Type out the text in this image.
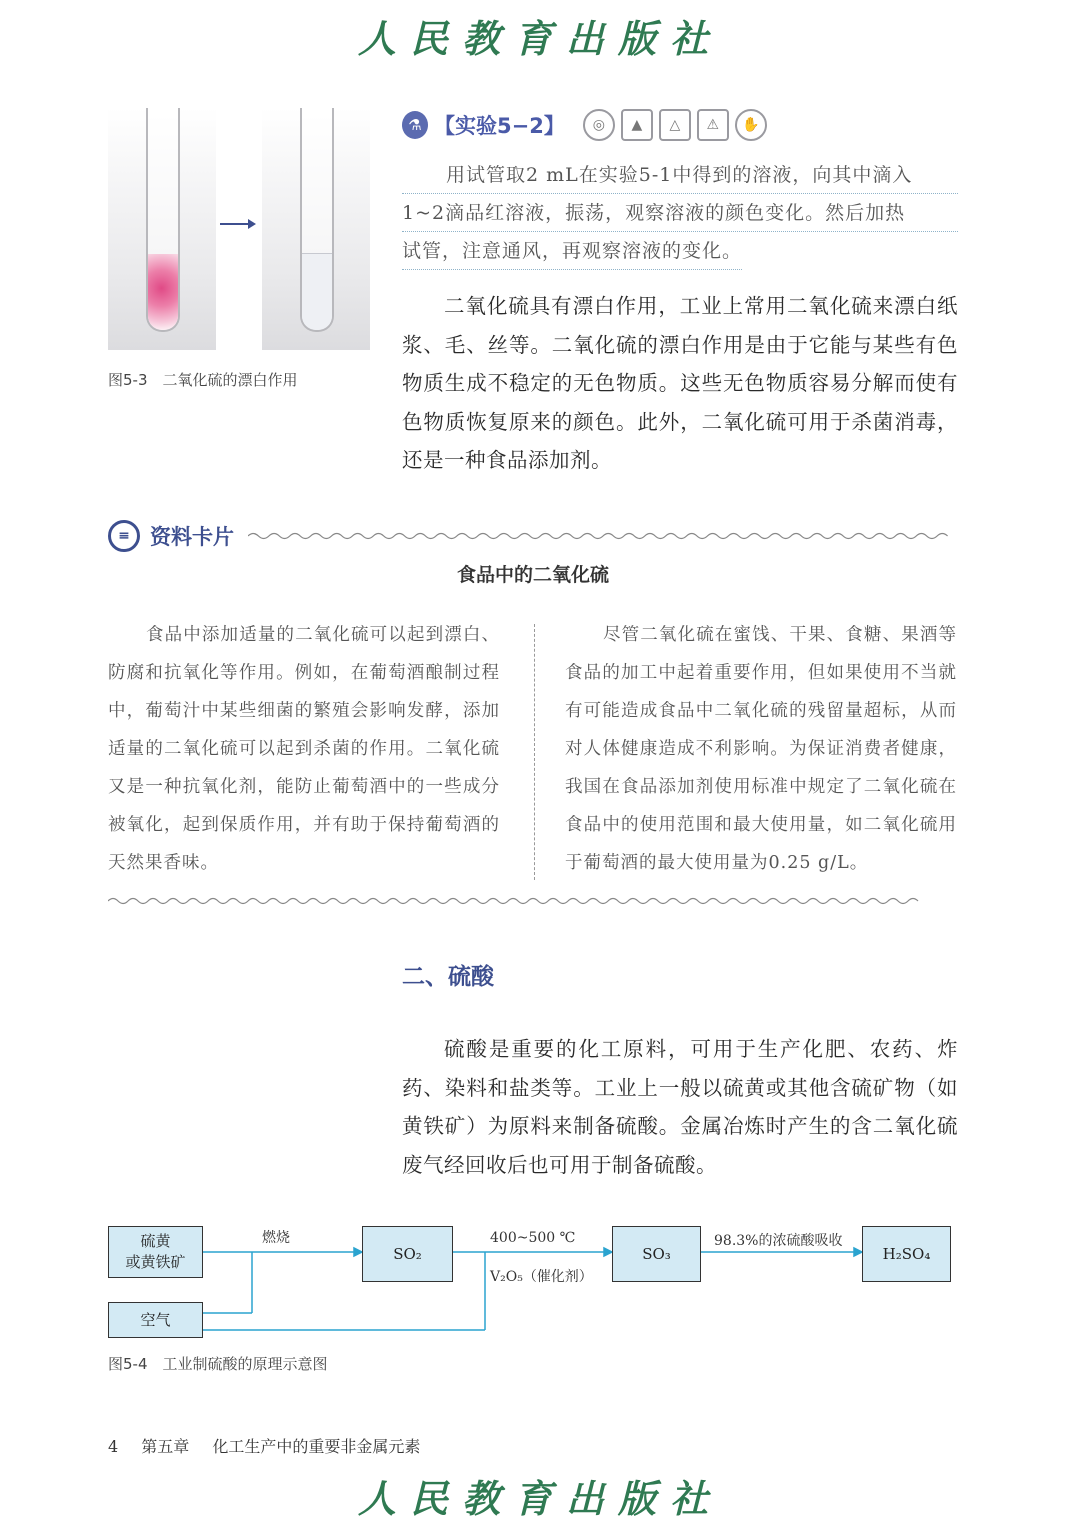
人民教育出版社
图5-3　二氧化硫的漂白作用
⚗ 【实验5−2】	◎	▲	△	⚠	✋
用试管取2 mL在实验5-1中得到的溶液，向其中滴入
1~2滴品红溶液，振荡，观察溶液的颜色变化。然后加热
试管，注意通风，再观察溶液的变化。
二氧化硫具有漂白作用，工业上常用二氧化硫来漂白纸浆、毛、丝等。二氧化硫的漂白作用是由于它能与某些有色物质生成不稳定的无色物质。这些无色物质容易分解而使有色物质恢复原来的颜色。此外，二氧化硫可用于杀菌消毒，还是一种食品添加剂。
≡ 资料卡片
食品中的二氧化硫
食品中添加适量的二氧化硫可以起到漂白、防腐和抗氧化等作用。例如，在葡萄酒酿制过程中，葡萄汁中某些细菌的繁殖会影响发酵，添加适量的二氧化硫可以起到杀菌的作用。二氧化硫又是一种抗氧化剂，能防止葡萄酒中的一些成分被氧化，起到保质作用，并有助于保持葡萄酒的天然果香味。
尽管二氧化硫在蜜饯、干果、食糖、果酒等食品的加工中起着重要作用，但如果使用不当就有可能造成食品中二氧化硫的残留量超标，从而对人体健康造成不利影响。为保证消费者健康，我国在食品添加剂使用标准中规定了二氧化硫在食品中的使用范围和最大使用量，如二氧化硫用于葡萄酒的最大使用量为0.25 g/L。
二、硫酸
硫酸是重要的化工原料，可用于生产化肥、农药、炸药、染料和盐类等。工业上一般以硫黄或其他含硫矿物（如黄铁矿）为原料来制备硫酸。金属冶炼时产生的含二氧化硫废气经回收后也可用于制备硫酸。
硫黄
或黄铁矿
空气
SO₂	SO₃	H₂SO₄
燃烧	400~500 ℃
V₂O₅（催化剂）
98.3%的浓硫酸吸收
图5-4　工业制硫酸的原理示意图
4 第五章 化工生产中的重要非金属元素
人民教育出版社
